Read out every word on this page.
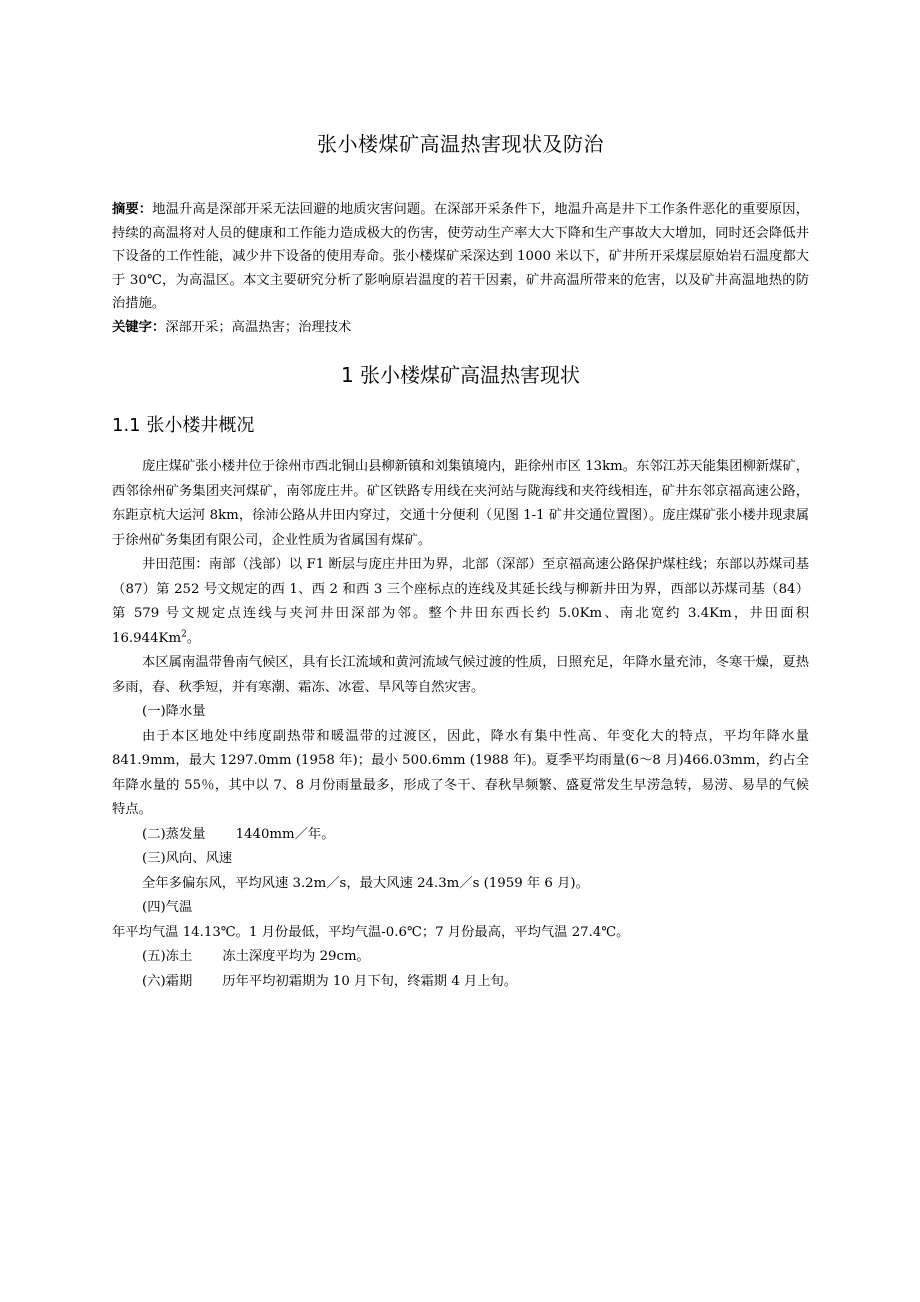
张小楼煤矿高温热害现状及防治

摘要：地温升高是深部开采无法回避的地质灾害问题。在深部开采条件下，地温升高是井下工作条件恶化的重要原因，持续的高温将对人员的健康和工作能力造成极大的伤害，使劳动生产率大大下降和生产事故大大增加，同时还会降低井下设备的工作性能，减少井下设备的使用寿命。张小楼煤矿采深达到 1000 米以下，矿井所开采煤层原始岩石温度都大于 30℃，为高温区。本文主要研究分析了影响原岩温度的若干因素，矿井高温所带来的危害，以及矿井高温地热的防治措施。

关键字：深部开采；高温热害；治理技术

1 张小楼煤矿高温热害现状
1.1 张小楼井概况

庞庄煤矿张小楼井位于徐州市西北铜山县柳新镇和刘集镇境内，距徐州市区 13km。东邻江苏天能集团柳新煤矿，西邻徐州矿务集团夹河煤矿，南邻庞庄井。矿区铁路专用线在夹河站与陇海线和夹符线相连，矿井东邻京福高速公路，东距京杭大运河 8km，徐沛公路从井田内穿过，交通十分便利（见图 1-1 矿井交通位置图）。庞庄煤矿张小楼井现隶属于徐州矿务集团有限公司，企业性质为省属国有煤矿。

井田范围：南部（浅部）以 F1 断层与庞庄井田为界，北部（深部）至京福高速公路保护煤柱线；东部以苏煤司基（87）第 252 号文规定的西 1、西 2 和西 3 三个座标点的连线及其延长线与柳新井田为界，西部以苏煤司基（84）第 579 号文规定点连线与夹河井田深部为邻。整个井田东西长约 5.0Km、南北宽约 3.4Km，井田面积 16.944Km$^2$。

本区属南温带鲁南气候区，具有长江流域和黄河流域气候过渡的性质，日照充足，年降水量充沛，冬寒干燥，夏热多雨，春、秋季短，并有寒潮、霜冻、冰雹、旱风等自然灾害。

(一)降水量

由于本区地处中纬度副热带和暖温带的过渡区，因此，降水有集中性高、年变化大的特点，平均年降水量 841.9mm，最大 1297.0mm (1958 年)；最小 500.6mm (1988 年)。夏季平均雨量(6～8 月)466.03mm，约占全年降水量的 55％，其中以 7、8 月份雨量最多，形成了冬干、春秋旱频繁、盛夏常发生早涝急转，易涝、易旱的气候特点。

(二)蒸发量 1440mm／年。

(三)风向、风速

全年多偏东风，平均风速 3.2m／s，最大风速 24.3m／s (1959 年 6 月)。

(四)气温

年平均气温 14.13℃。1 月份最低，平均气温-0.6℃；7 月份最高，平均气温 27.4℃。

(五)冻土 冻土深度平均为 29cm。

(六)霜期 历年平均初霜期为 10 月下旬，终霜期 4 月上旬。
